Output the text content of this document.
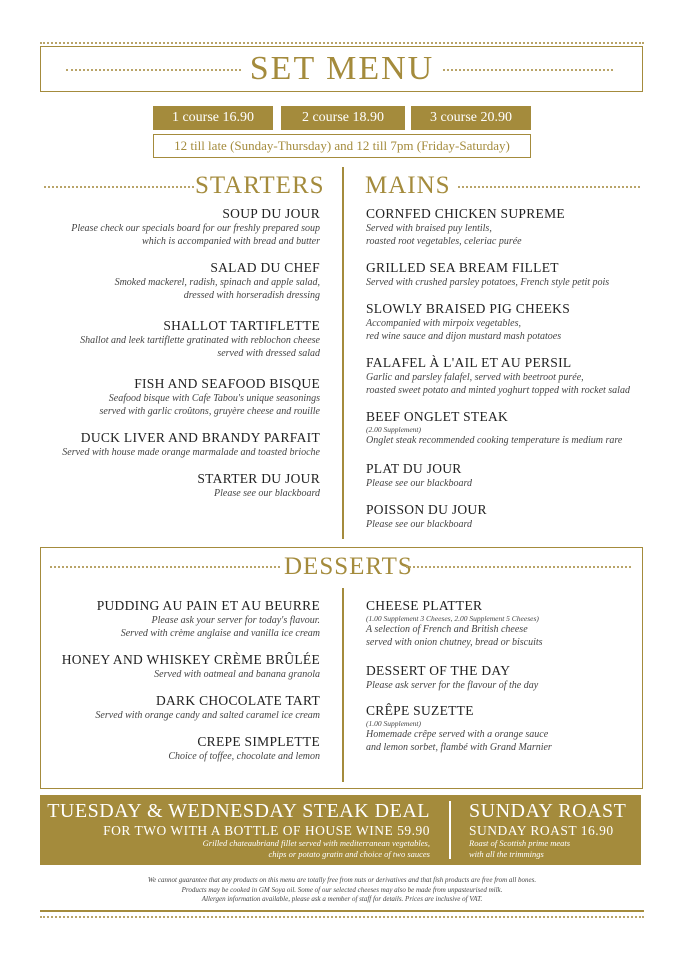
SET MENU
1 course 16.90	2 course 18.90	3 course 20.90
12 till late (Sunday-Thursday) and 12 till 7pm (Friday-Saturday)
STARTERS MAINS
SOUP DU JOUR
Please check our specials board for our freshly prepared soup
which is accompanied with bread and butter
SALAD DU CHEF
Smoked mackerel, radish, spinach and apple salad,
dressed with horseradish dressing
SHALLOT TARTIFLETTE
Shallot and leek tartiflette gratinated with reblochon cheese
served with dressed salad
FISH AND SEAFOOD BISQUE
Seafood bisque with Cafe Tabou's unique seasonings
served with garlic croûtons, gruyère cheese and rouille
DUCK LIVER AND BRANDY PARFAIT
Served with house made orange marmalade and toasted brioche
STARTER DU JOUR
Please see our blackboard
CORNFED CHICKEN SUPREME
Served with braised puy lentils,
roasted root vegetables, celeriac purée
GRILLED SEA BREAM FILLET
Served with crushed parsley potatoes, French style petit pois
SLOWLY BRAISED PIG CHEEKS
Accompanied with mirpoix vegetables,
red wine sauce and dijon mustard mash potatoes
FALAFEL À L'AIL ET AU PERSIL
Garlic and parsley falafel, served with beetroot purée,
roasted sweet potato and minted yoghurt topped with rocket salad
BEEF ONGLET STEAK
(2.00 Supplement)
Onglet steak recommended cooking temperature is medium rare
PLAT DU JOUR
Please see our blackboard
POISSON DU JOUR
Please see our blackboard
DESSERTS
PUDDING AU PAIN ET AU BEURRE
Please ask your server for today's flavour.
Served with crème anglaise and vanilla ice cream
HONEY AND WHISKEY CRÈME BRÛLÉE
Served with oatmeal and banana granola
DARK CHOCOLATE TART
Served with orange candy and salted caramel ice cream
CREPE SIMPLETTE
Choice of toffee, chocolate and lemon
CHEESE PLATTER
(1.00 Supplement 3 Cheeses, 2.00 Supplement 5 Cheeses)
A selection of French and British cheese
served with onion chutney, bread or biscuits
DESSERT OF THE DAY
Please ask server for the flavour of the day
CRÊPE SUZETTE
(1.00 Supplement)
Homemade crêpe served with a orange sauce
and lemon sorbet, flambé with Grand Marnier
TUESDAY & WEDNESDAY STEAK DEAL
FOR TWO WITH A BOTTLE OF HOUSE WINE 59.90
Grilled chateaubriand fillet served with mediterranean vegetables,
chips or potato gratin and choice of two sauces
SUNDAY ROAST
SUNDAY ROAST 16.90
Roast of Scottish prime meats
with all the trimmings
We cannot guarantee that any products on this menu are totally free from nuts or derivatives and that fish products are free from all bones.
Products may be cooked in GM Soya oil. Some of our selected cheeses may also be made from unpasteurised milk.
Allergen information available, please ask a member of staff for details. Prices are inclusive of VAT.
